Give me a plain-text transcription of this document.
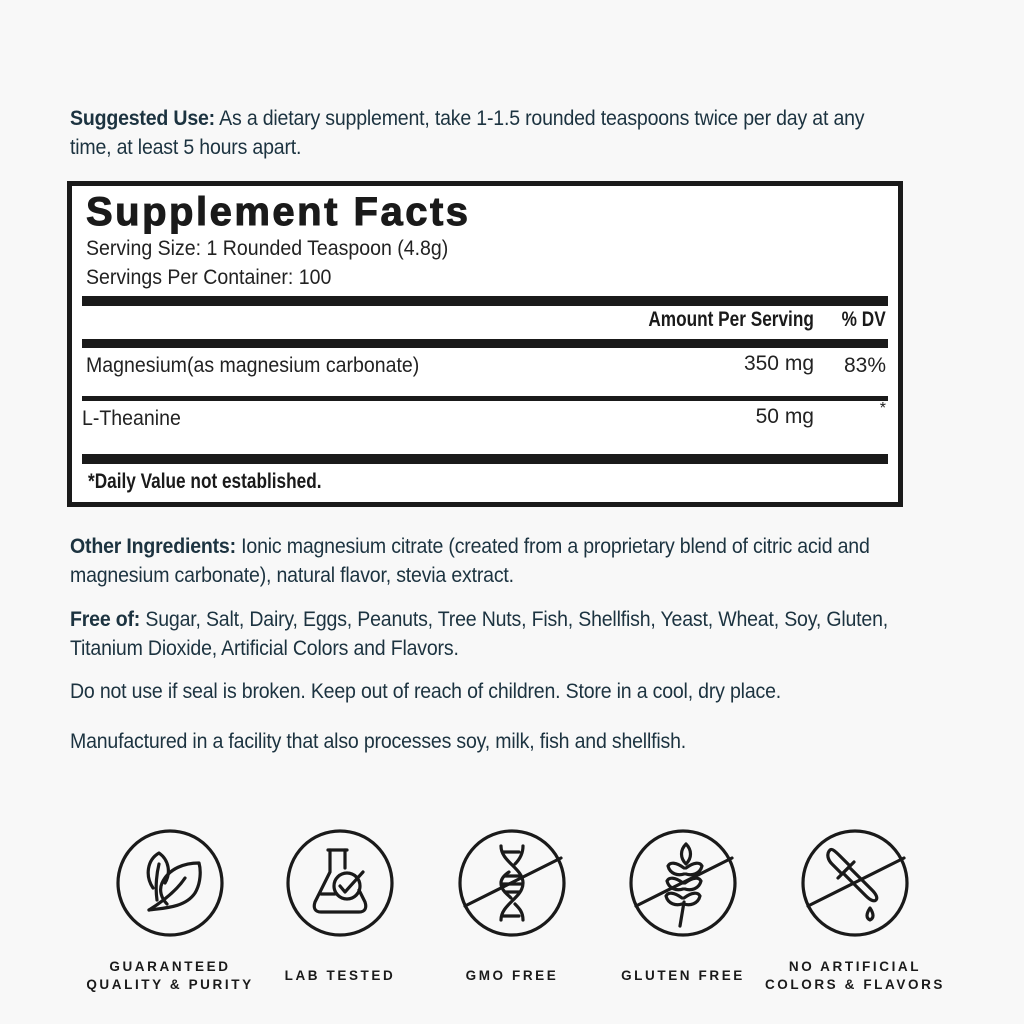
Suggested Use: As a dietary supplement, take 1-1.5 rounded teaspoons twice per day at any time, at least 5 hours apart.
Supplement Facts
Serving Size: 1 Rounded Teaspoon (4.8g)
Servings Per Container: 100
Amount Per Serving % DV
Magnesium(as magnesium carbonate)	350 mg 83%
L-Theanine	50 mg	*
*Daily Value not established.
Other Ingredients: Ionic magnesium citrate (created from a proprietary blend of citric acid and magnesium carbonate), natural flavor, stevia extract.
Free of: Sugar, Salt, Dairy, Eggs, Peanuts, Tree Nuts, Fish, Shellfish, Yeast, Wheat, Soy, Gluten, Titanium Dioxide, Artificial Colors and Flavors.
Do not use if seal is broken. Keep out of reach of children. Store in a cool, dry place.
Manufactured in a facility that also processes soy, milk, fish and shellfish.
GUARANTEED
QUALITY & PURITY
LAB TESTED	GMO FREE	GLUTEN FREE
NO ARTIFICIAL
COLORS & FLAVORS
